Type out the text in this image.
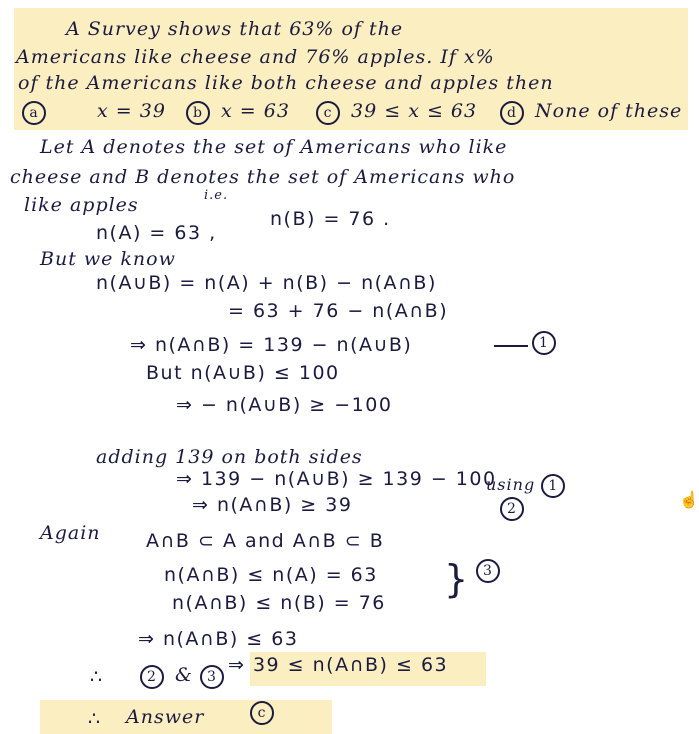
A Survey shows that 63% of the
Americans like cheese and 76% apples. If x%
of the Americans like both cheese and apples then
a	x = 39	b x = 63	c 39 ≤ x ≤ 63	d None of these
Let A denotes the set of Americans who like
cheese and B denotes the set of Americans who
like apples	i.e.
n(A) = 63 ,
n(B) = 76 .
But we know
n(A∪B) = n(A) + n(B) − n(A∩B)
= 63 + 76 − n(A∩B)
⇒ n(A∩B) = 139 − n(A∪B)	1
But n(A∪B) ≤ 100
⇒ − n(A∪B) ≥ −100
adding 139 on both sides
⇒ 139 − n(A∪B) ≥ 139 − 100
⇒ n(A∩B) ≥ 39
using 1
2
Again A∩B ⊂ A and A∩B ⊂ B
n(A∩B) ≤ n(A) = 63
n(A∩B) ≤ n(B) = 76
} 3
⇒ n(A∩B) ≤ 63
∴	2 & 3
⇒ 39 ≤ n(A∩B) ≤ 63
∴ Answer	c
☝
